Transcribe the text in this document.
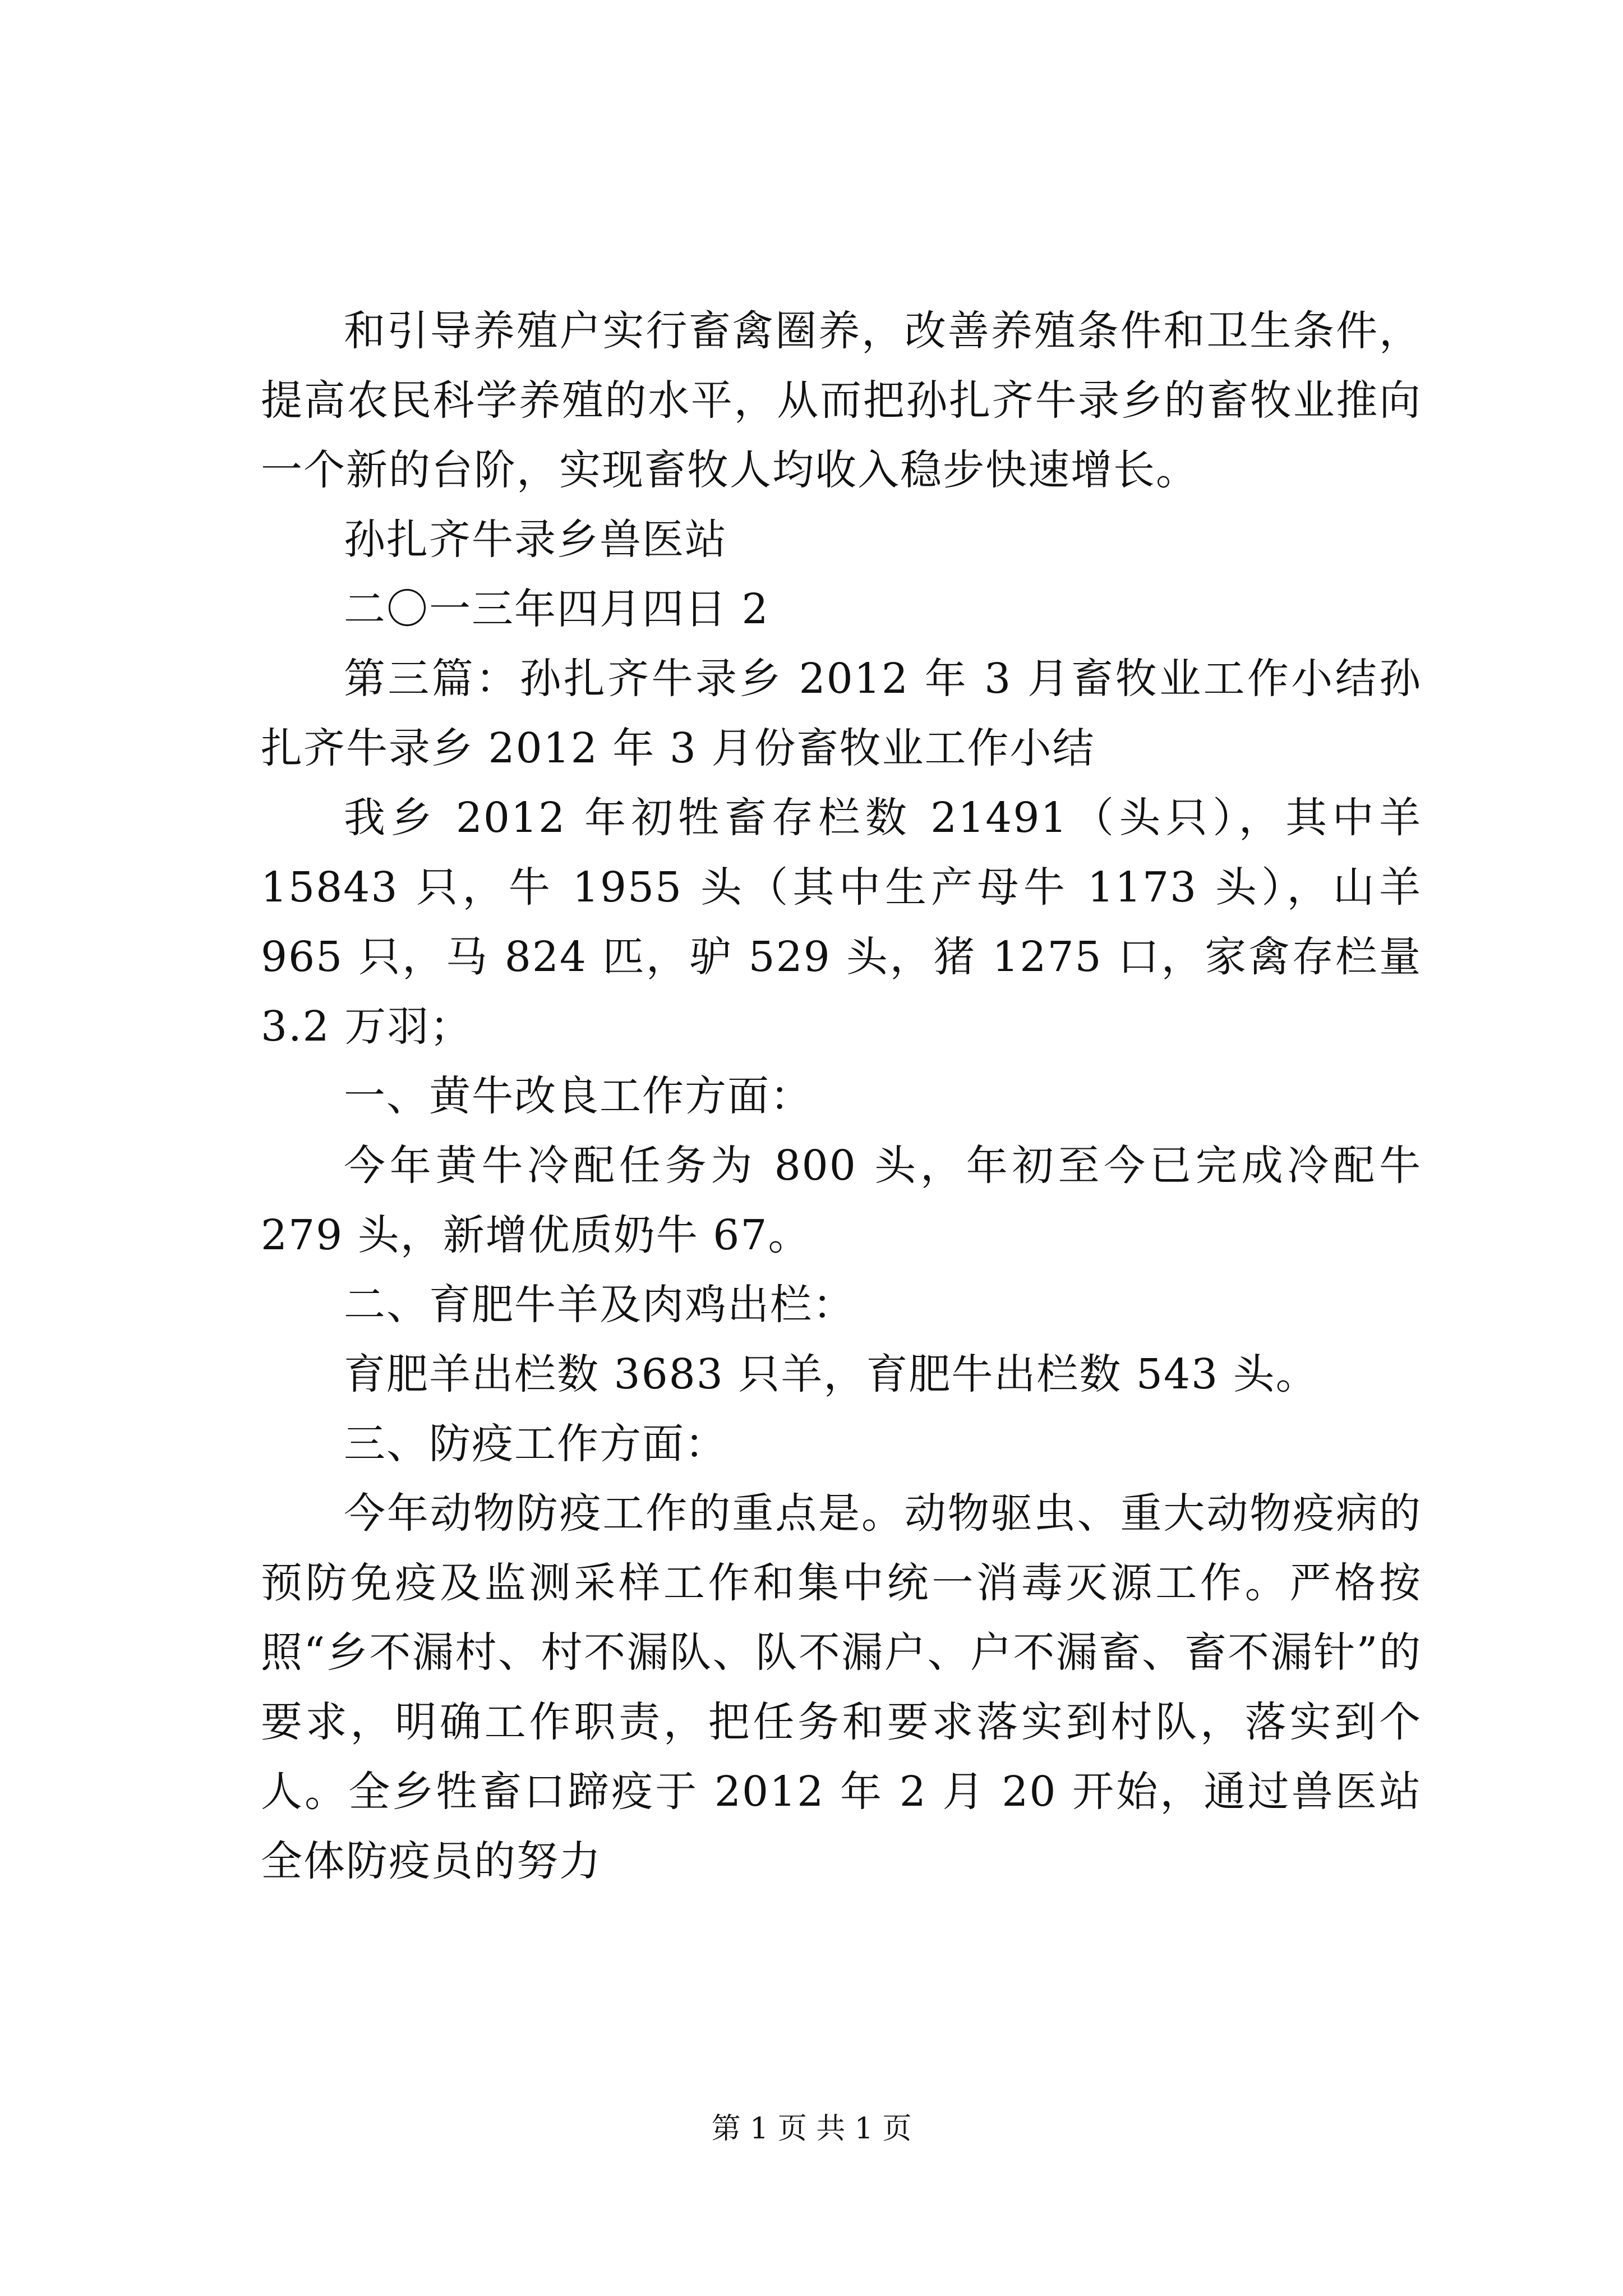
和引导养殖户实行畜禽圈养，改善养殖条件和卫生条件，提高农民科学养殖的水平，从而把孙扎齐牛录乡的畜牧业推向一个新的台阶，实现畜牧人均收入稳步快速增长。

孙扎齐牛录乡兽医站

二〇一三年四月四日 2

第三篇：孙扎齐牛录乡 2012 年 3 月畜牧业工作小结孙扎齐牛录乡 2012 年 3 月份畜牧业工作小结

我乡 2012 年初牲畜存栏数 21491（头只），其中羊 15843 只，牛 1955 头（其中生产母牛 1173 头），山羊 965 只，马 824 匹，驴 529 头，猪 1275 口，家禽存栏量 3.2 万羽；

一、黄牛改良工作方面：

今年黄牛冷配任务为 800 头，年初至今已完成冷配牛 279 头，新增优质奶牛 67。

二、育肥牛羊及肉鸡出栏：

育肥羊出栏数 3683 只羊，育肥牛出栏数 543 头。

三、防疫工作方面：

今年动物防疫工作的重点是。动物驱虫、重大动物疫病的预防免疫及监测采样工作和集中统一消毒灭源工作。严格按照“乡不漏村、村不漏队、队不漏户、户不漏畜、畜不漏针”的要求，明确工作职责，把任务和要求落实到村队，落实到个人。全乡牲畜口蹄疫于 2012 年 2 月 20 开始，通过兽医站全体防疫员的努力

第 1 页 共 1 页
